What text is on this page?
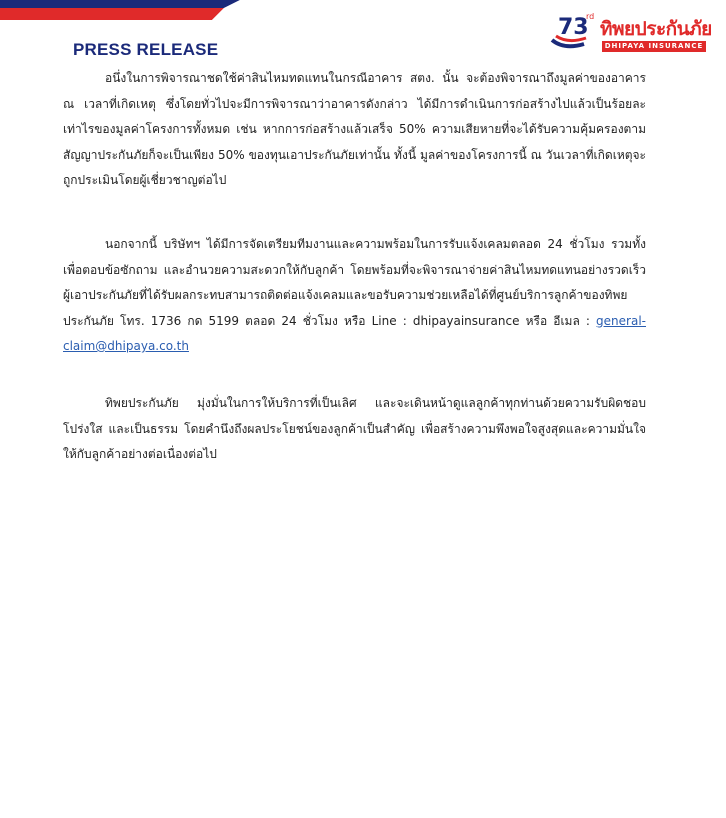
PRESS RELEASE
73
rd
ทิพยประกันภัย
DHIPAYA INSURANCE
อนึ่งในการพิจารณาชดใช้ค่าสินไหมทดแทนในกรณีอาคาร สตง. นั้น จะต้องพิจารณาถึงมูลค่าของอาคาร ณ เวลาที่เกิดเหตุ ซึ่งโดยทั่วไปจะมีการพิจารณาว่าอาคารดังกล่าว ได้มีการดำเนินการก่อสร้างไปแล้วเป็นร้อยละเท่าไรของมูลค่าโครงการทั้งหมด เช่น หากการก่อสร้างแล้วเสร็จ 50% ความเสียหายที่จะได้รับความคุ้มครองตามสัญญาประกันภัยก็จะเป็นเพียง 50% ของทุนเอาประกันภัยเท่านั้น ทั้งนี้ มูลค่าของโครงการนี้ ณ วันเวลาที่เกิดเหตุจะถูกประเมินโดยผู้เชี่ยวชาญต่อไป
นอกจากนี้ บริษัทฯ ได้มีการจัดเตรียมทีมงานและความพร้อมในการรับแจ้งเคลมตลอด 24 ชั่วโมง รวมทั้งเพื่อตอบข้อซักถาม และอำนวยความสะดวกให้กับลูกค้า โดยพร้อมที่จะพิจารณาจ่ายค่าสินไหมทดแทนอย่างรวดเร็ว ผู้เอาประกันภัยที่ได้รับผลกระทบสามารถติดต่อแจ้งเคลมและขอรับความช่วยเหลือได้ที่ศูนย์บริการลูกค้าของทิพยประกันภัย โทร. 1736 กด 5199 ตลอด 24 ชั่วโมง หรือ Line : dhipayainsurance หรือ อีเมล : general-claim@dhipaya.co.th
ทิพยประกันภัย มุ่งมั่นในการให้บริการที่เป็นเลิศ และจะเดินหน้าดูแลลูกค้าทุกท่านด้วยความรับผิดชอบ โปร่งใส และเป็นธรรม โดยคำนึงถึงผลประโยชน์ของลูกค้าเป็นสำคัญ เพื่อสร้างความพึงพอใจสูงสุดและความมั่นใจให้กับลูกค้าอย่างต่อเนื่องต่อไป
